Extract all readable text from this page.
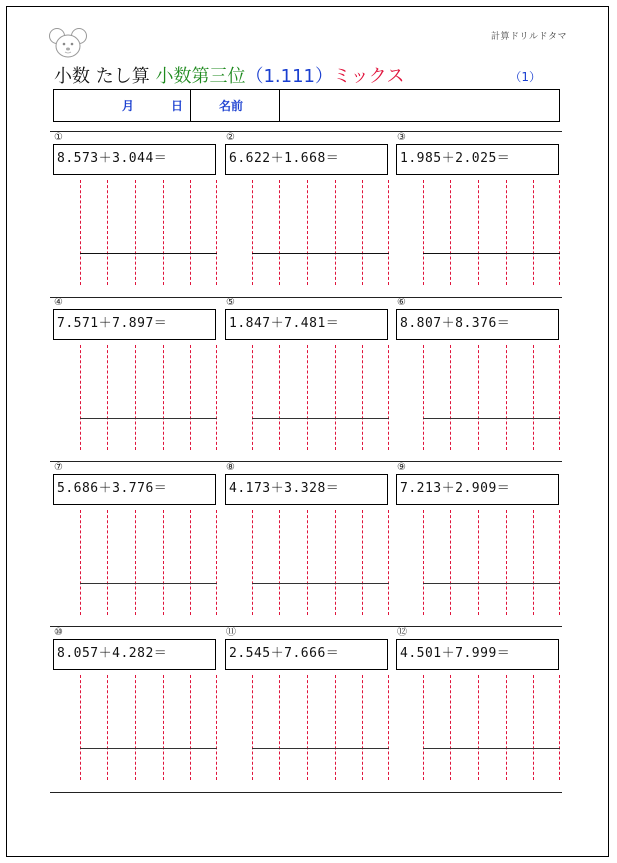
計算ドリルドタマ
小数 たし算 小数第三位（1.111）ミックス	（1）
月	日	名前
①
8.573＋3.044＝
②
6.622＋1.668＝
③
1.985＋2.025＝
④
7.571＋7.897＝
⑤
1.847＋7.481＝
⑥
8.807＋8.376＝
⑦
5.686＋3.776＝
⑧
4.173＋3.328＝
⑨
7.213＋2.909＝
⑩
8.057＋4.282＝
⑪
2.545＋7.666＝
⑫
4.501＋7.999＝
